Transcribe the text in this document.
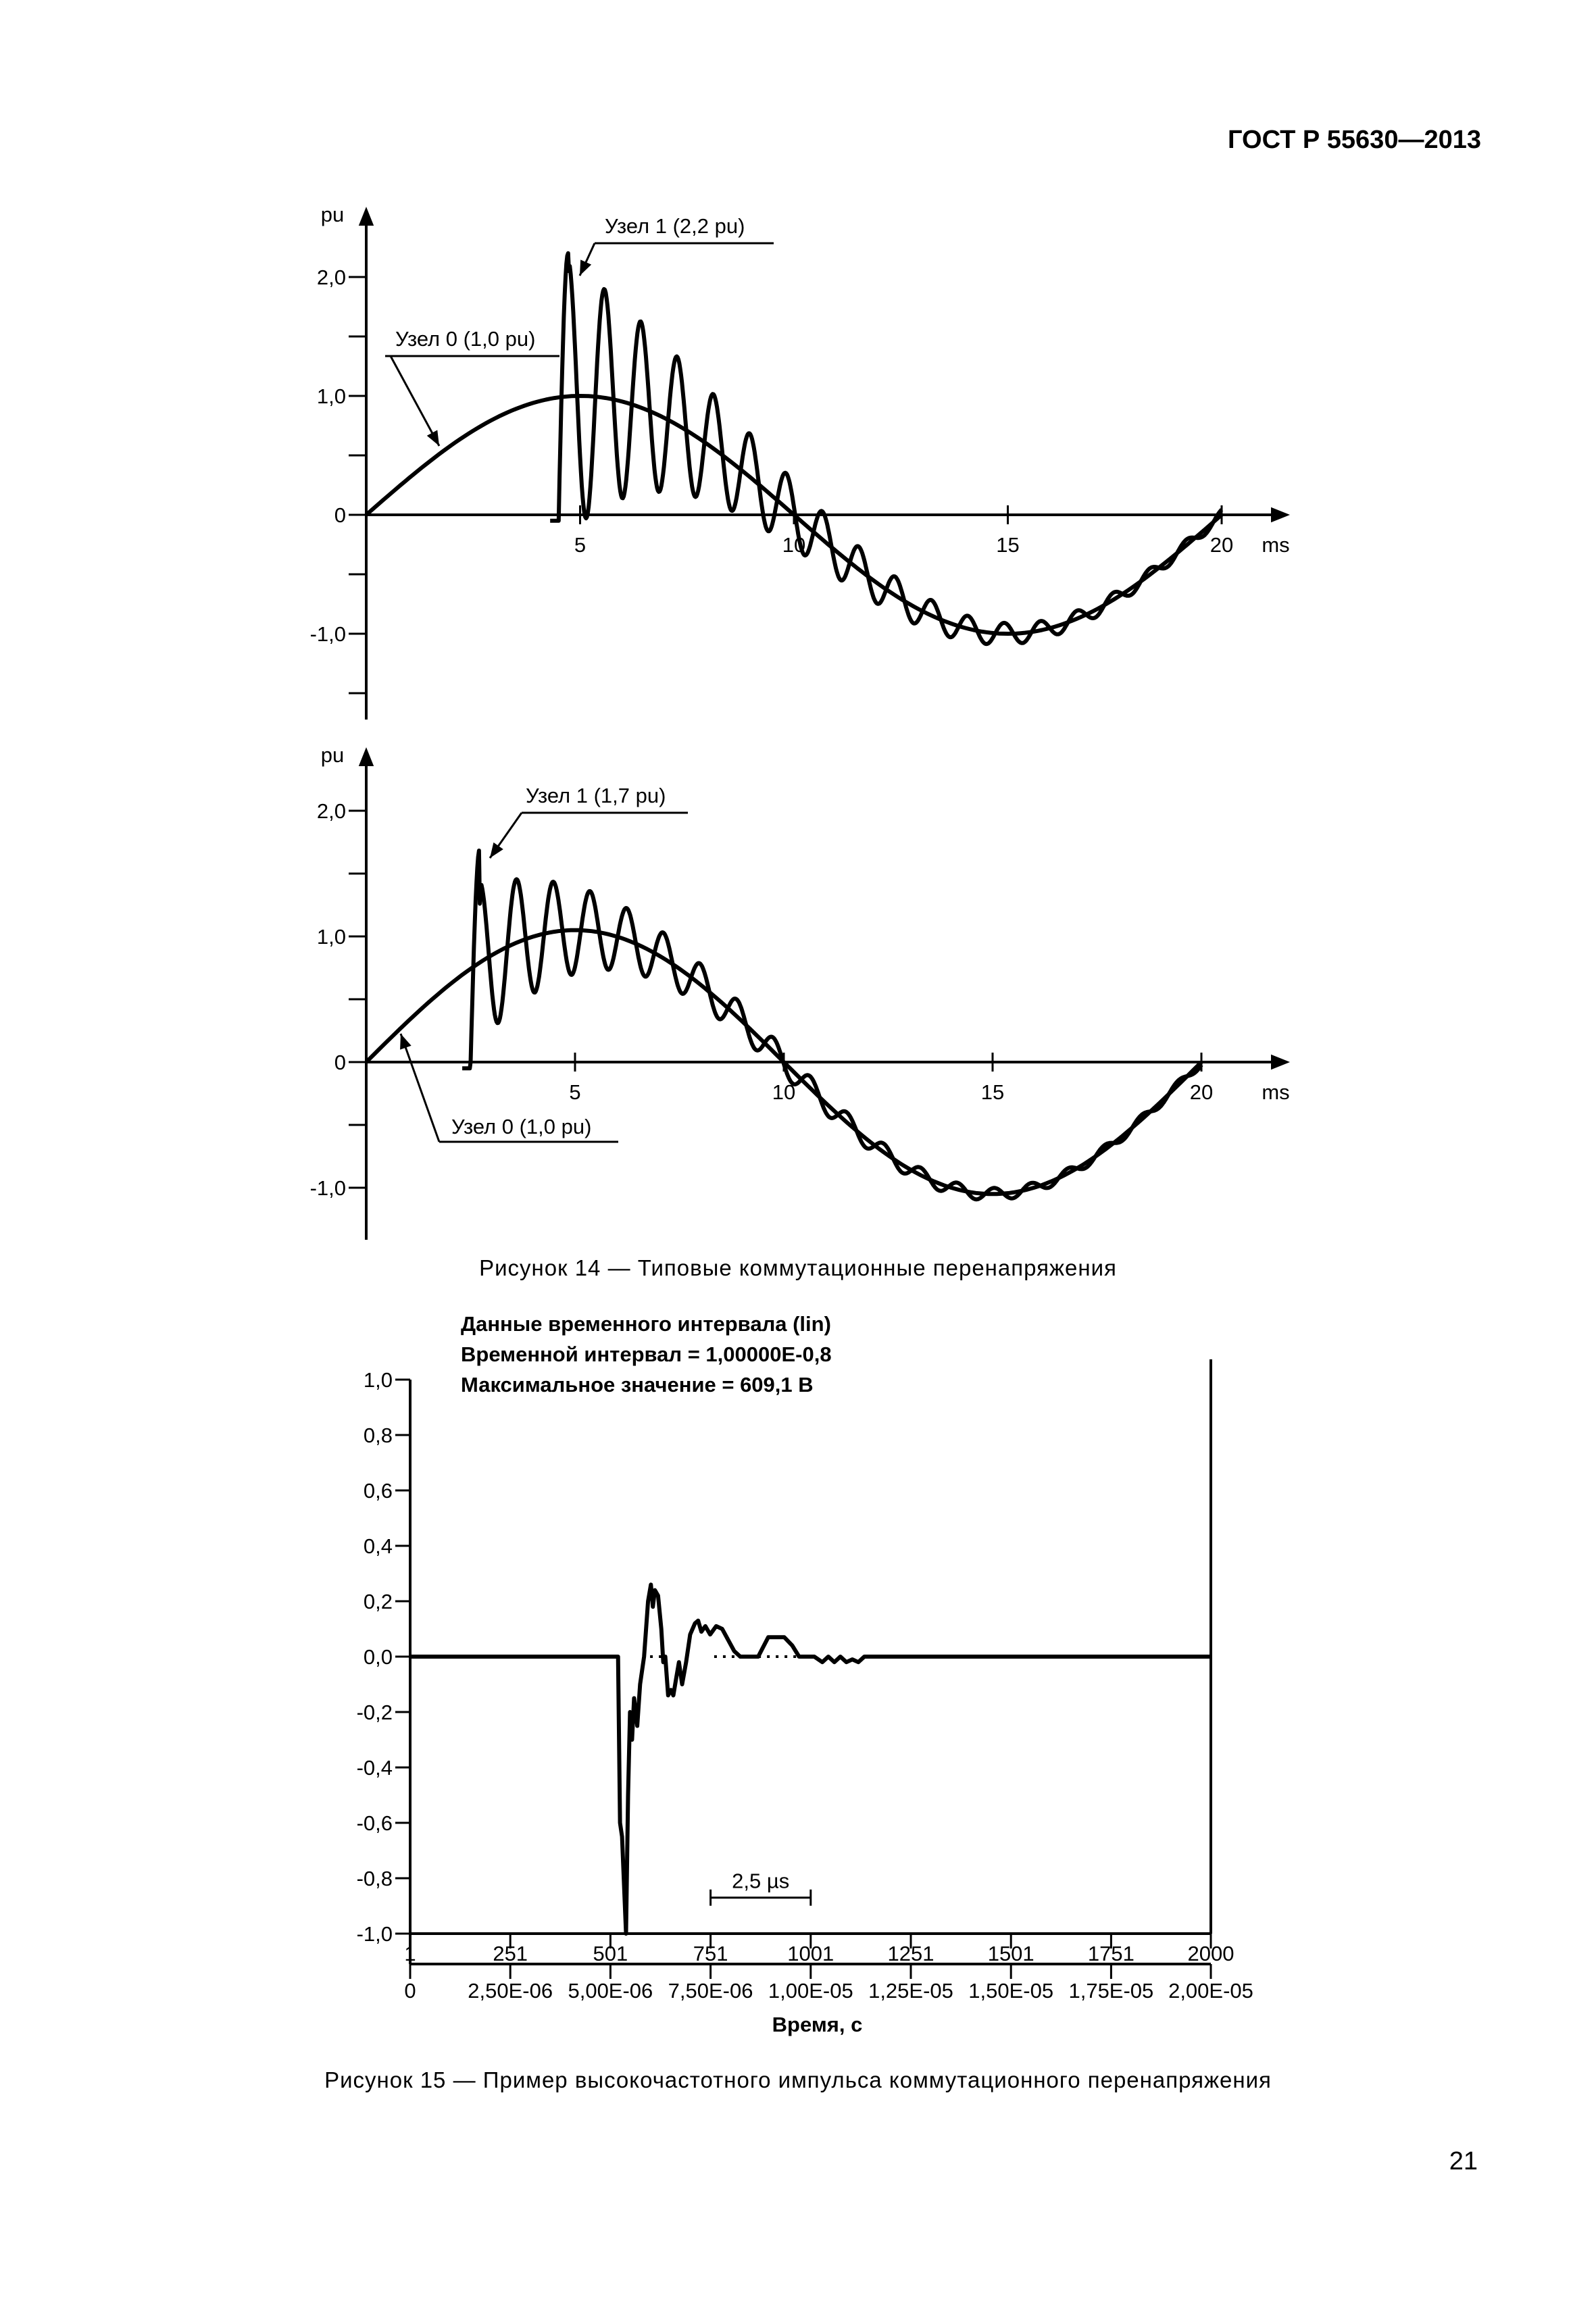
ГОСТ Р 55630—2013
pu
ms
2,0
1,0
0
-1,0
5	10	15	20
Узел 1 (2,2 pu)
Узел 0 (1,0 pu)
pu
ms
2,0
1,0
0
-1,0
5	10	15	20
Узел 1 (1,7 pu)
Узел 0 (1,0 pu)
Рисунок 14 — Типовые коммутационные перенапряжения
Данные временного интервала (lin)
Временной интервал = 1,00000Е-0,8
Максимальное значение = 609,1 В
1,0
0,8
0,6
0,4
0,2
0,0
-0,2
-0,4
-0,6
-0,8
-1,0
1	251	501	751	1001	1251	1501	1751	2000
0 2,50E-06 5,00E-06 7,50E-06 1,00E-05 1,25E-05 1,50E-05 1,75E-05 2,00E-05
Время, с
2,5 µs
Рисунок 15 — Пример высокочастотного импульса коммутационного перенапряжения
21
